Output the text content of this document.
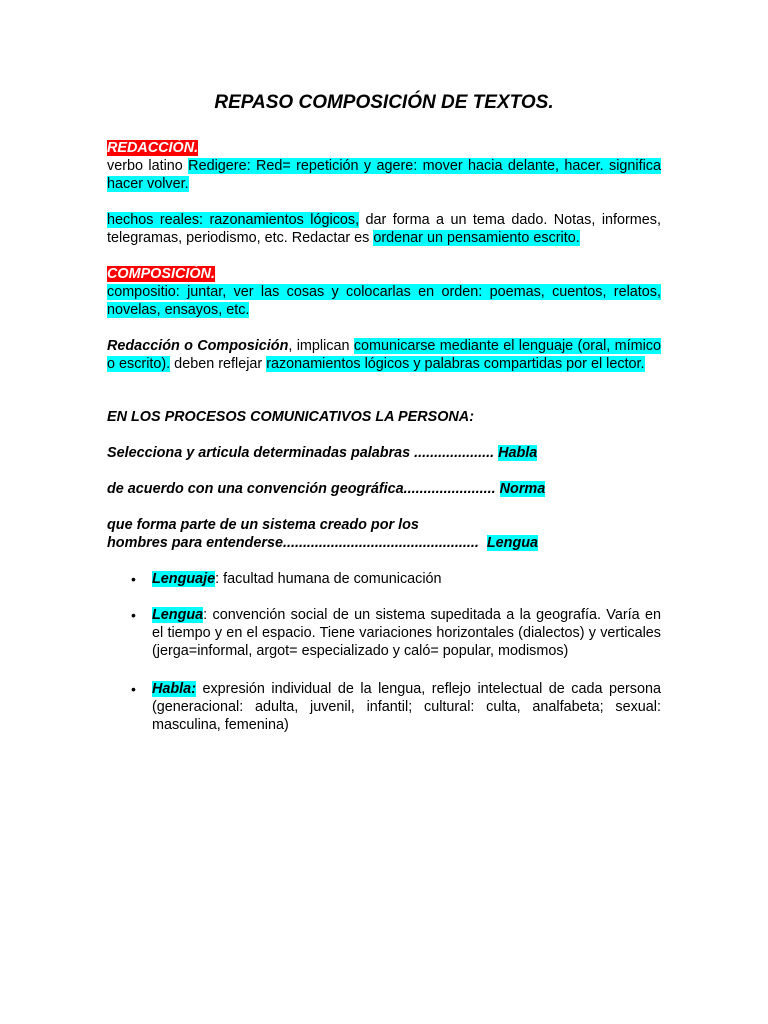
REPASO COMPOSICIÓN DE TEXTOS.
REDACCIÓN.
verbo latino Redigere: Red= repetición y agere: mover hacia delante, hacer. significa hacer volver.
hechos reales: razonamientos lógicos, dar forma a un tema dado. Notas, informes, telegramas, periodismo, etc. Redactar es ordenar un pensamiento escrito.
COMPOSICIÓN.
compositio: juntar, ver las cosas y colocarlas en orden: poemas, cuentos, relatos, novelas, ensayos, etc.
Redacción o Composición, implican comunicarse mediante el lenguaje (oral, mímico o escrito). deben reflejar razonamientos lógicos y palabras compartidas por el lector.
EN LOS PROCESOS COMUNICATIVOS LA PERSONA:
Selecciona y articula determinadas palabras .................... Habla
de acuerdo con una convención geográfica....................... Norma
que forma parte de un sistema creado por los
hombres para entenderse................................................. Lengua
• Lenguaje: facultad humana de comunicación
• Lengua: convención social de un sistema supeditada a la geografía. Varía en el tiempo y en el espacio. Tiene variaciones horizontales (dialectos) y verticales (jerga=informal, argot= especializado y caló= popular, modismos)
• Habla: expresión individual de la lengua, reflejo intelectual de cada persona (generacional: adulta, juvenil, infantil; cultural: culta, analfabeta; sexual: masculina, femenina)
